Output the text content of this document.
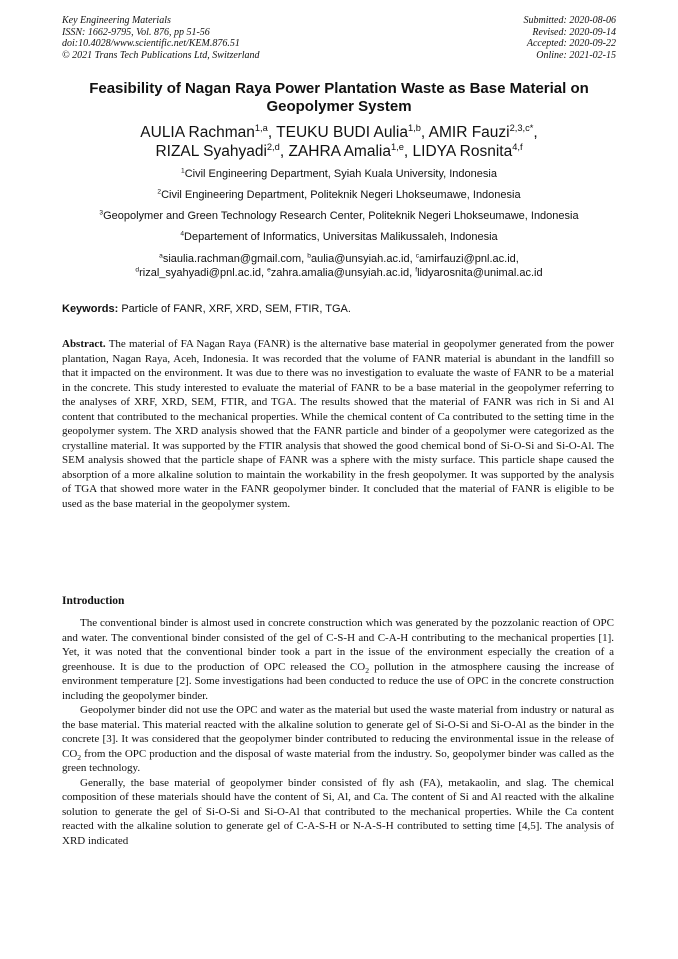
Key Engineering Materials
ISSN: 1662-9795, Vol. 876, pp 51-56
doi:10.4028/www.scientific.net/KEM.876.51
© 2021 Trans Tech Publications Ltd, Switzerland
Submitted: 2020-08-06
Revised: 2020-09-14
Accepted: 2020-09-22
Online: 2021-02-15
Feasibility of Nagan Raya Power Plantation Waste as Base Material on Geopolymer System
AULIA Rachman$^{1,a}$, TEUKU BUDI Aulia$^{1,b}$, AMIR Fauzi$^{2,3,c*}$,
RIZAL Syahyadi$^{2,d}$, ZAHRA Amalia$^{1,e}$, LIDYA Rosnita$^{4,f}$
$^1$Civil Engineering Department, Syiah Kuala University, Indonesia
$^2$Civil Engineering Department, Politeknik Negeri Lhokseumawe, Indonesia
$^3$Geopolymer and Green Technology Research Center, Politeknik Negeri Lhokseumawe, Indonesia
$^4$Departement of Informatics, Universitas Malikussaleh, Indonesia
$^a$siaulia.rachman@gmail.com, $^b$aulia@unsyiah.ac.id, $^c$amirfauzi@pnl.ac.id,
$^d$rizal_syahyadi@pnl.ac.id, $^e$zahra.amalia@unsyiah.ac.id, $^f$lidyarosnita@unimal.ac.id
Keywords: Particle of FANR, XRF, XRD, SEM, FTIR, TGA.
Abstract. The material of FA Nagan Raya (FANR) is the alternative base material in geopolymer generated from the power plantation, Nagan Raya, Aceh, Indonesia. It was recorded that the volume of FANR material is abundant in the landfill so that it impacted on the environment. It was due to there was no investigation to evaluate the waste of FANR to be a material in the concrete. This study interested to evaluate the material of FANR to be a base material in the geopolymer referring to the analyses of XRF, XRD, SEM, FTIR, and TGA. The results showed that the material of FANR was rich in Si and Al content that contributed to the mechanical properties. While the chemical content of Ca contributed to the setting time in the geopolymer system. The XRD analysis showed that the FANR particle and binder of a geopolymer were categorized as the crystalline material. It was supported by the FTIR analysis that showed the good chemical bond of Si-O-Si and Si-O-Al. The SEM analysis showed that the particle shape of FANR was a sphere with the misty surface. This particle shape caused the absorption of a more alkaline solution to maintain the workability in the fresh geopolymer. It was supported by the analysis of TGA that showed more water in the FANR geopolymer binder. It concluded that the material of FANR is eligible to be used as the base material in the geopolymer system.
Introduction

The conventional binder is almost used in concrete construction which was generated by the pozzolanic reaction of OPC and water. The conventional binder consisted of the gel of C-S-H and C-A-H contributing to the mechanical properties [1]. Yet, it was noted that the conventional binder took a part in the issue of the environment especially the creation of a greenhouse. It is due to the production of OPC released the $CO_2$ pollution in the atmosphere causing the increase of environment temperature [2]. Some investigations had been conducted to reduce the use of OPC in the concrete construction including the geopolymer binder.

Geopolymer binder did not use the OPC and water as the material but used the waste material from industry or natural as the base material. This material reacted with the alkaline solution to generate gel of Si-O-Si and Si-O-Al as the binder in the concrete [3]. It was considered that the geopolymer binder contributed to reducing the environmental issue in the release of $CO_2$ from the OPC production and the disposal of waste material from the industry. So, geopolymer binder was called as the green technology.

Generally, the base material of geopolymer binder consisted of fly ash (FA), metakaolin, and slag. The chemical composition of these materials should have the content of Si, Al, and Ca. The content of Si and Al reacted with the alkaline solution to generate the gel of Si-O-Si and Si-O-Al that contributed to the mechanical properties. While the Ca content reacted with the alkaline solution to generate gel of C-A-S-H or N-A-S-H contributed to setting time [4,5]. The analysis of XRD indicated
